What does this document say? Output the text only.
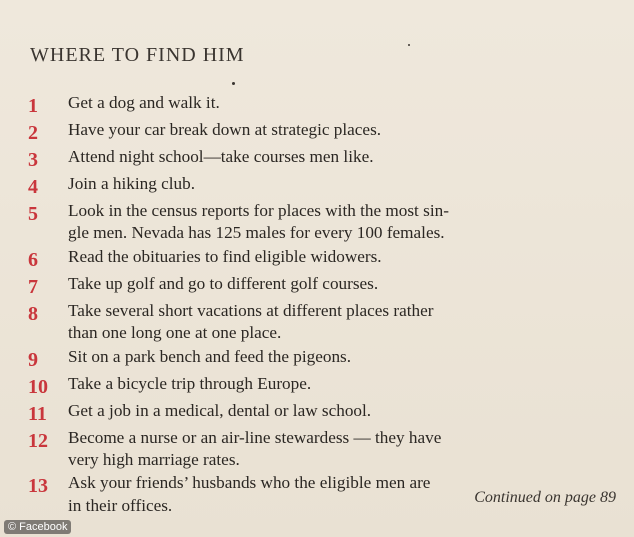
WHERE TO FIND HIM
1	Get a dog and walk it.
2	Have your car break down at strategic places.
3	Attend night school—take courses men like.
4	Join a hiking club.
5	Look in the census reports for places with the most sin-
gle men. Nevada has 125 males for every 100 females.
6	Read the obituaries to find eligible widowers.
7	Take up golf and go to different golf courses.
8	Take several short vacations at different places rather
than one long one at one place.
9	Sit on a park bench and feed the pigeons.
10	Take a bicycle trip through Europe.
11	Get a job in a medical, dental or law school.
12	Become a nurse or an air-line stewardess — they have
very high marriage rates.
13	Ask your friends’ husbands who the eligible men are
in their offices.	Continued on page 89
© Facebook
